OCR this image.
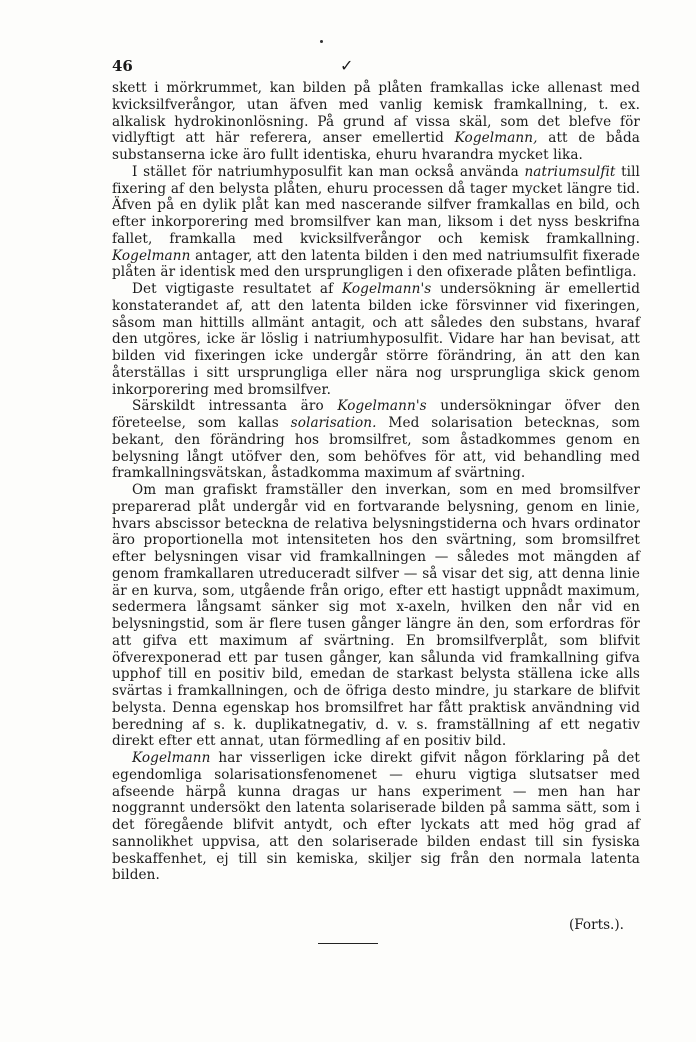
46	✓

skett i mörkrummet, kan bilden på plåten framkallas icke allenast med kvicksilfverångor, utan äfven med vanlig kemisk framkallning, t. ex. alkalisk hydrokinonlösning. På grund af vissa skäl, som det blefve för vidlyftigt att här referera, anser emellertid Kogelmann, att de båda substanserna icke äro fullt identiska, ehuru hvarandra mycket lika.

I stället för natriumhyposulfit kan man också använda natriumsulfit till fixering af den belysta plåten, ehuru processen då tager mycket längre tid. Äfven på en dylik plåt kan med nascerande silfver framkallas en bild, och efter inkorporering med bromsilfver kan man, liksom i det nyss beskrifna fallet, framkalla med kvicksilfverångor och kemisk framkallning. Kogelmann antager, att den latenta bilden i den med natriumsulfit fixerade plåten är identisk med den ursprungligen i den ofixerade plåten befintliga.

Det vigtigaste resultatet af Kogelmann's undersökning är emellertid konstaterandet af, att den latenta bilden icke försvinner vid fixeringen, såsom man hittills allmänt antagit, och att således den substans, hvaraf den utgöres, icke är löslig i natriumhyposulfit. Vidare har han bevisat, att bilden vid fixeringen icke undergår större förändring, än att den kan återställas i sitt ursprungliga eller nära nog ursprungliga skick genom inkorporering med bromsilfver.

Särskildt intressanta äro Kogelmann's undersökningar öfver den företeelse, som kallas solarisation. Med solarisation betecknas, som bekant, den förändring hos bromsilfret, som åstadkommes genom en belysning långt utöfver den, som behöfves för att, vid behandling med framkallningsvätskan, åstadkomma maximum af svärtning.

Om man grafiskt framställer den inverkan, som en med bromsilfver preparerad plåt undergår vid en fortvarande belysning, genom en linie, hvars abscissor beteckna de relativa belysningstiderna och hvars ordinator äro proportionella mot intensiteten hos den svärtning, som bromsilfret efter belysningen visar vid framkallningen — således mot mängden af genom framkallaren utreduceradt silfver — så visar det sig, att denna linie är en kurva, som, utgående från origo, efter ett hastigt uppnådt maximum, sedermera långsamt sänker sig mot x-axeln, hvilken den når vid en belysningstid, som är flere tusen gånger längre än den, som erfordras för att gifva ett maximum af svärtning. En bromsilfverplåt, som blifvit öfverexponerad ett par tusen gånger, kan sålunda vid framkallning gifva upphof till en positiv bild, emedan de starkast belysta ställena icke alls svärtas i framkallningen, och de öfriga desto mindre, ju starkare de blifvit belysta. Denna egenskap hos bromsilfret har fått praktisk användning vid beredning af s. k. duplikatnegativ, d. v. s. framställning af ett negativ direkt efter ett annat, utan förmedling af en positiv bild.

Kogelmann har visserligen icke direkt gifvit någon förklaring på det egendomliga solarisationsfenomenet — ehuru vigtiga slutsatser med afseende härpå kunna dragas ur hans experiment — men han har noggrannt undersökt den latenta solariserade bilden på samma sätt, som i det föregående blifvit antydt, och efter lyckats att med hög grad af sannolikhet uppvisa, att den solariserade bilden endast till sin fysiska beskaffenhet, ej till sin kemiska, skiljer sig från den normala latenta bilden.

(Forts.).
